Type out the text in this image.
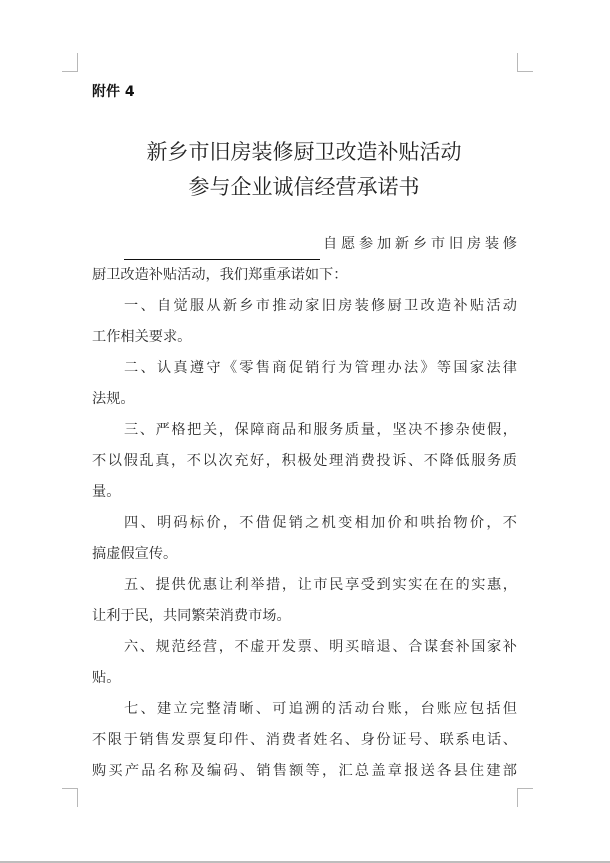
附件 4
新乡市旧房装修厨卫改造补贴活动
参与企业诚信经营承诺书
自愿参加新乡市旧房装修
厨卫改造补贴活动，我们郑重承诺如下：
一、自觉服从新乡市推动家旧房装修厨卫改造补贴活动
工作相关要求。
二、认真遵守《零售商促销行为管理办法》等国家法律
法规。
三、严格把关，保障商品和服务质量，坚决不掺杂使假，
不以假乱真，不以次充好，积极处理消费投诉、不降低服务质
量。
四、明码标价，不借促销之机变相加价和哄抬物价，不
搞虚假宣传。
五、提供优惠让利举措，让市民享受到实实在在的实惠，
让利于民，共同繁荣消费市场。
六、规范经营，不虚开发票、明买暗退、合谋套补国家补
贴。
七、建立完整清晰、可追溯的活动台账，台账应包括但
不限于销售发票复印件、消费者姓名、身份证号、联系电话、
购买产品名称及编码、销售额等，汇总盖章报送各县住建部
